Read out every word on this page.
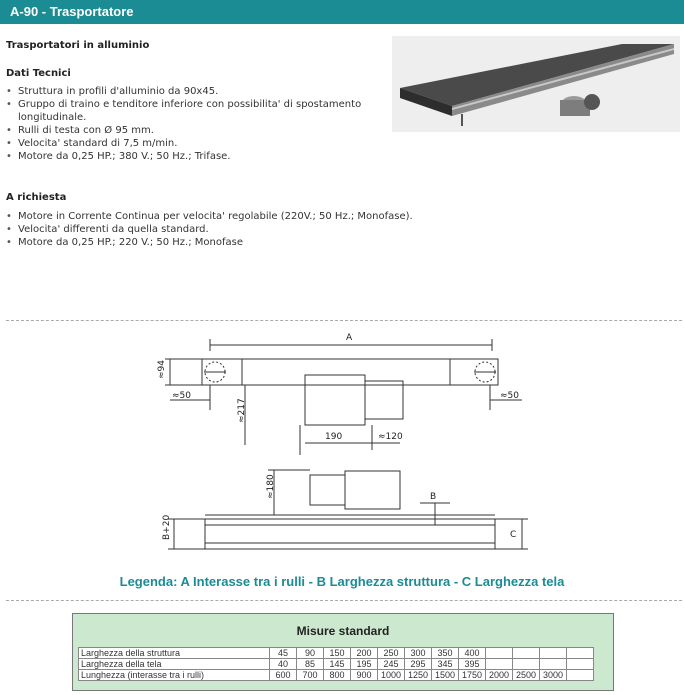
A-90 - Trasportatore
Trasportatori in alluminio
Dati Tecnici
• Struttura in profili d'alluminio da 90x45.
• Gruppo di traino e tenditore inferiore con possibilita' di spostamento longitudinale.
• Rulli di testa con Ø 95 mm.
• Velocita' standard di 7,5 m/min.
• Motore da 0,25 HP.; 380 V.; 50 Hz.; Trifase.
A richiesta
• Motore in Corrente Continua per velocita' regolabile (220V.; 50 Hz.; Monofase).
• Velocita' differenti da quella standard.
• Motore da 0,25 HP.; 220 V.; 50 Hz.; Monofase
A
≈94
≈50
≈217
190	≈120
≈50
≈180
B+20
B
C
Legenda: A Interasse tra i rulli - B Larghezza struttura - C Larghezza tela
Misure standard
Larghezza della struttura	45	90	150	200	250	300	350	400				
Larghezza della tela	40	85	145	195	245	295	345	395				
Lunghezza (interasse tra i rulli)	600	700	800	900	1000	1250	1500	1750	2000	2500	3000	
